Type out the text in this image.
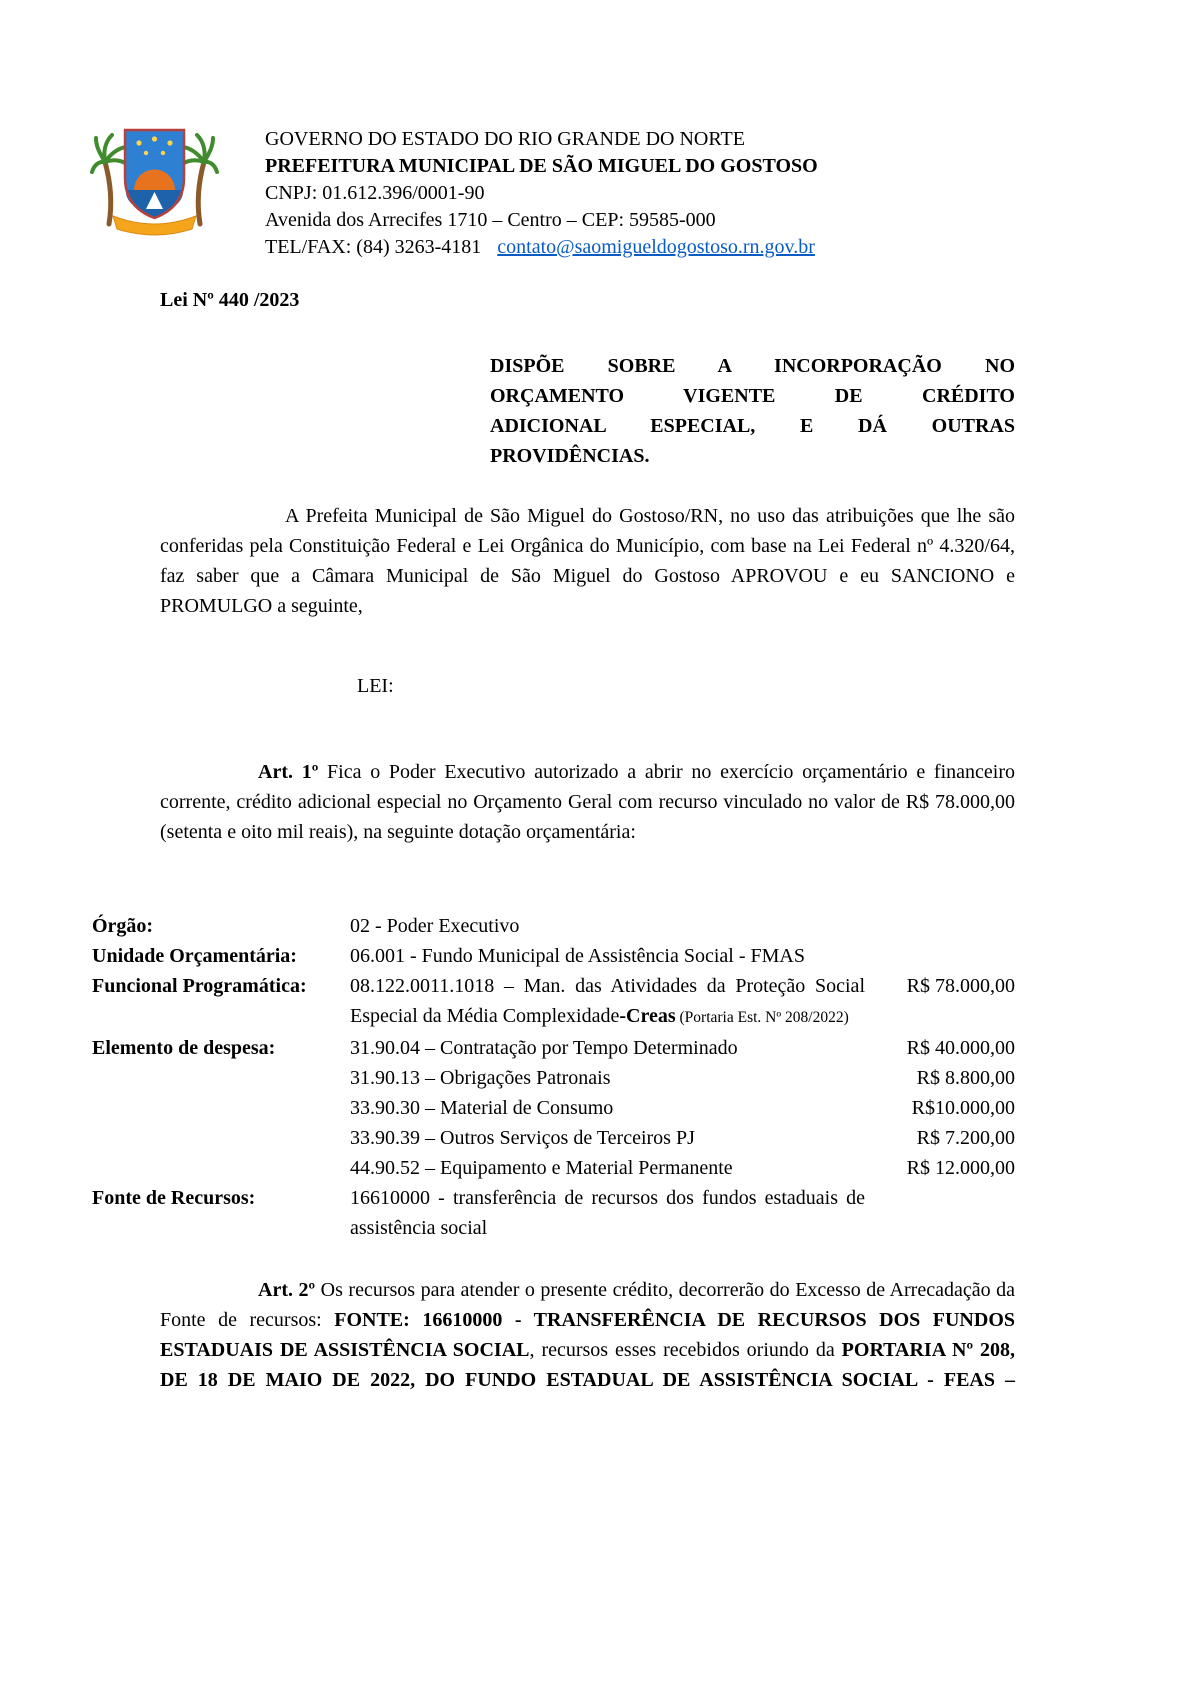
GOVERNO DO ESTADO DO RIO GRANDE DO NORTE
PREFEITURA MUNICIPAL DE SÃO MIGUEL DO GOSTOSO
CNPJ: 01.612.396/0001-90
Avenida dos Arrecifes 1710 – Centro – CEP: 59585-000
TEL/FAX: (84) 3263-4181 contato@saomigueldogostoso.rn.gov.br
Lei Nº 440 /2023
DISPÕE SOBRE A INCORPORAÇÃO NO
ORÇAMENTO VIGENTE DE CRÉDITO
ADICIONAL ESPECIAL, E DÁ OUTRAS
PROVIDÊNCIAS.

A Prefeita Municipal de São Miguel do Gostoso/RN, no uso das atribuições que lhe são conferidas pela Constituição Federal e Lei Orgânica do Município, com base na Lei Federal nº 4.320/64, faz saber que a Câmara Municipal de São Miguel do Gostoso APROVOU e eu SANCIONO e PROMULGO a seguinte,

LEI:

Art. 1º Fica o Poder Executivo autorizado a abrir no exercício orçamentário e financeiro corrente, crédito adicional especial no Orçamento Geral com recurso vinculado no valor de R$ 78.000,00 (setenta e oito mil reais), na seguinte dotação orçamentária:

Órgão:	02 - Poder Executivo	
Unidade Orçamentária:	06.001 - Fundo Municipal de Assistência Social - FMAS	
Funcional Programática:	08.122.0011.1018 – Man. das Atividades da Proteção Social Especial da Média Complexidade-Creas (Portaria Est. Nº 208/2022)	R$ 78.000,00
Elemento de despesa:	31.90.04 – Contratação por Tempo Determinado	R$ 40.000,00
	31.90.13 – Obrigações Patronais	R$ 8.800,00
	33.90.30 – Material de Consumo	R$10.000,00
	33.90.39 – Outros Serviços de Terceiros PJ	R$ 7.200,00
	44.90.52 – Equipamento e Material Permanente	R$ 12.000,00
Fonte de Recursos:	16610000 - transferência de recursos dos fundos estaduais de assistência social	

Art. 2º Os recursos para atender o presente crédito, decorrerão do Excesso de Arrecadação da Fonte de recursos: FONTE: 16610000 - TRANSFERÊNCIA DE RECURSOS DOS FUNDOS ESTADUAIS DE ASSISTÊNCIA SOCIAL, recursos esses recebidos oriundo da PORTARIA Nº 208, DE 18 DE MAIO DE 2022, DO FUNDO ESTADUAL DE ASSISTÊNCIA SOCIAL - FEAS –
